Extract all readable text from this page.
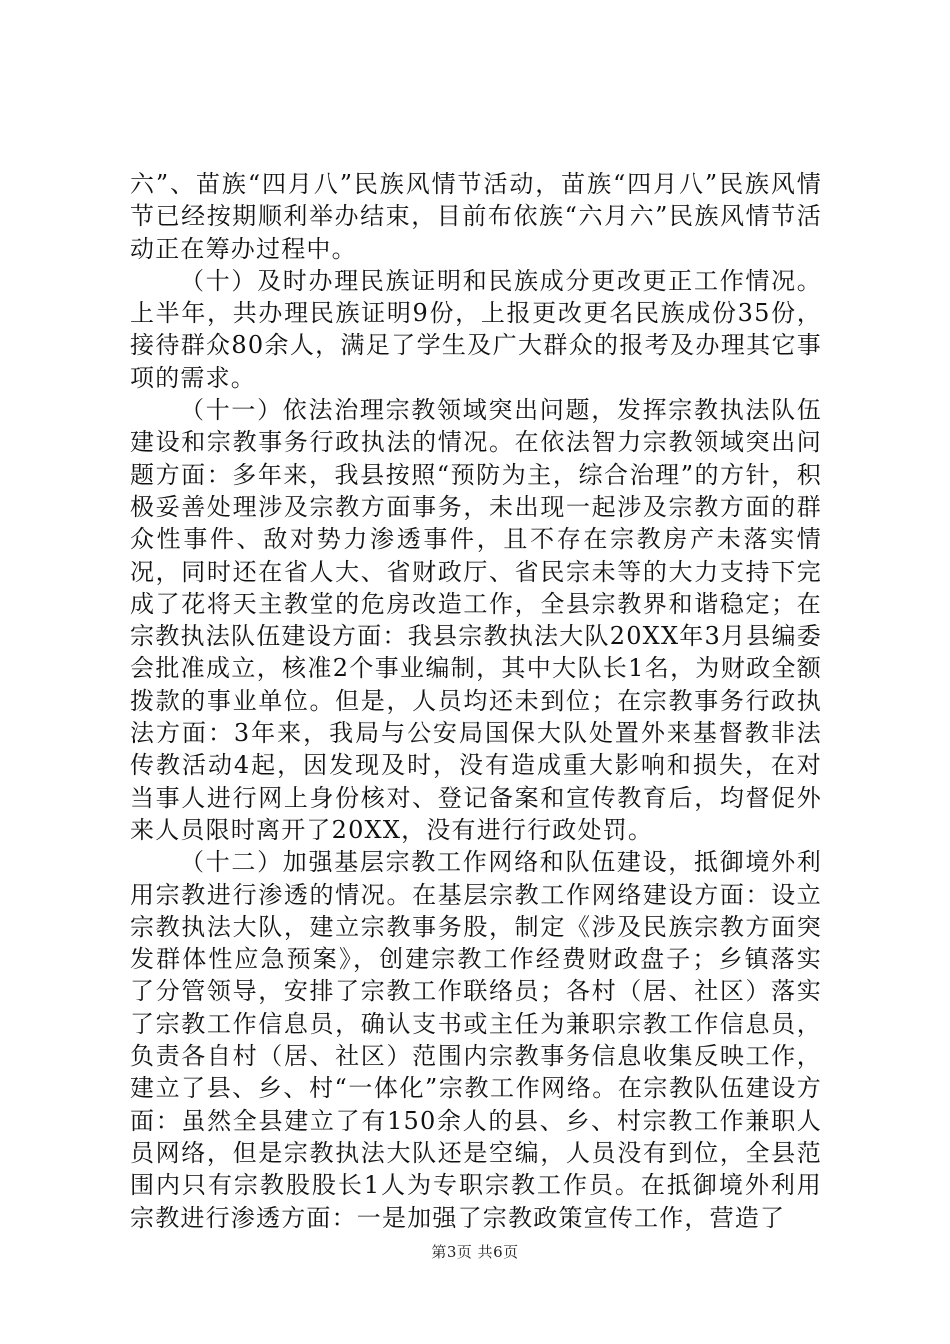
六”、苗族“四月八”民族风情节活动，苗族“四月八”民族风情节已经按期顺利举办结束，目前布依族“六月六”民族风情节活动正在筹办过程中。

（十）及时办理民族证明和民族成分更改更正工作情况。上半年，共办理民族证明9份，上报更改更名民族成份35份，接待群众80余人，满足了学生及广大群众的报考及办理其它事项的需求。

（十一）依法治理宗教领域突出问题，发挥宗教执法队伍建设和宗教事务行政执法的情况。在依法智力宗教领域突出问题方面：多年来，我县按照“预防为主，综合治理”的方针，积极妥善处理涉及宗教方面事务，未出现一起涉及宗教方面的群众性事件、敌对势力渗透事件，且不存在宗教房产未落实情况，同时还在省人大、省财政厅、省民宗未等的大力支持下完成了花将天主教堂的危房改造工作，全县宗教界和谐稳定；在宗教执法队伍建设方面：我县宗教执法大队20XX年3月县编委会批准成立，核准2个事业编制，其中大队长1名，为财政全额拨款的事业单位。但是，人员均还未到位；在宗教事务行政执法方面：3年来，我局与公安局国保大队处置外来基督教非法传教活动4起，因发现及时，没有造成重大影响和损失，在对当事人进行网上身份核对、登记备案和宣传教育后，均督促外来人员限时离开了20XX，没有进行行政处罚。

（十二）加强基层宗教工作网络和队伍建设，抵御境外利用宗教进行渗透的情况。在基层宗教工作网络建设方面：设立宗教执法大队，建立宗教事务股，制定《涉及民族宗教方面突发群体性应急预案》，创建宗教工作经费财政盘子；乡镇落实了分管领导，安排了宗教工作联络员；各村（居、社区）落实了宗教工作信息员，确认支书或主任为兼职宗教工作信息员，负责各自村（居、社区）范围内宗教事务信息收集反映工作，建立了县、乡、村“一体化”宗教工作网络。在宗教队伍建设方面：虽然全县建立了有150余人的县、乡、村宗教工作兼职人员网络，但是宗教执法大队还是空编，人员没有到位，全县范围内只有宗教股股长1人为专职宗教工作员。在抵御境外利用宗教进行渗透方面：一是加强了宗教政策宣传工作，营造了

第3页 共6页
